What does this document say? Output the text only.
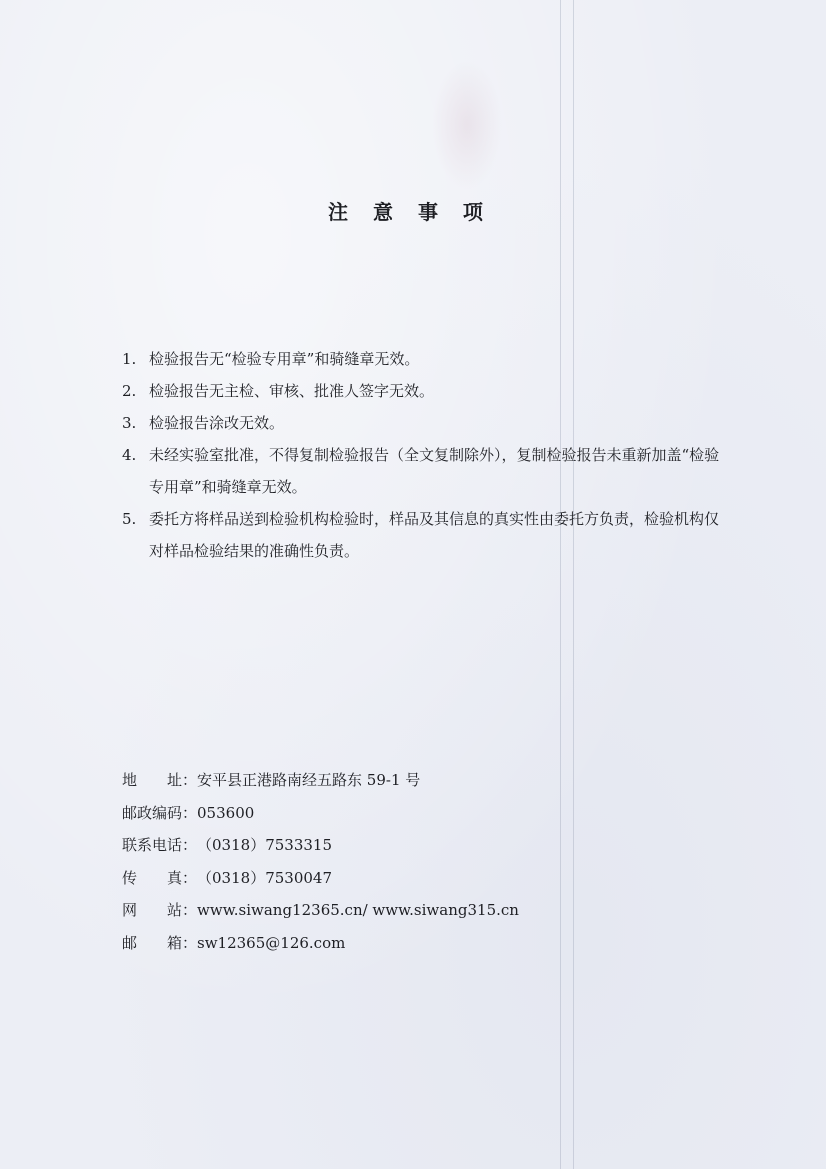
注 意 事 项
1. 检验报告无“检验专用章”和骑缝章无效。
2. 检验报告无主检、审核、批准人签字无效。
3. 检验报告涂改无效。
4. 未经实验室批准，不得复制检验报告（全文复制除外），复制检验报告未重新加盖“检验专用章”和骑缝章无效。
5. 委托方将样品送到检验机构检验时，样品及其信息的真实性由委托方负责，检验机构仅对样品检验结果的准确性负责。
地 址 ： 安平县正港路南经五路东 59-1 号
邮政编码 ： 053600
联系电话 ： （0318）7533315
传 真 ： （0318）7530047
网 站 ： www.siwang12365.cn/ www.siwang315.cn
邮 箱 ： sw12365@126.com
